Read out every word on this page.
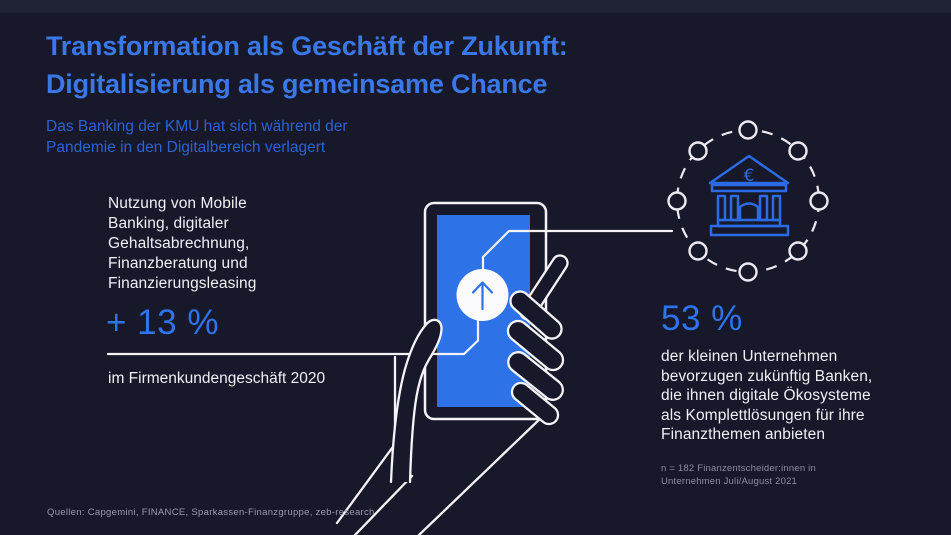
€
Transformation als Geschäft der Zukunft:
Digitalisierung als gemeinsame Chance
Das Banking der KMU hat sich während der
Pandemie in den Digitalbereich verlagert
Nutzung von Mobile
Banking, digitaler
Gehaltsabrechnung,
Finanzberatung und
Finanzierungsleasing
+ 13 %
im Firmenkundengeschäft 2020
53 %
der kleinen Unternehmen
bevorzugen zukünftig Banken,
die ihnen digitale Ökosysteme
als Komplettlösungen für ihre
Finanzthemen anbieten
n = 182 Finanzentscheider:innen in
Unternehmen Juli/August 2021
Quellen: Capgemini, FINANCE, Sparkassen-Finanzgruppe, zeb-research
